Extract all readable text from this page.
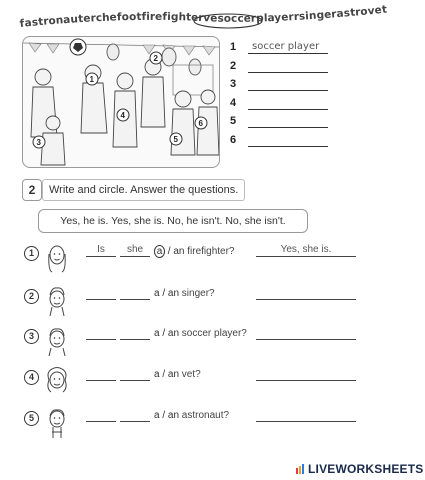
fastronauterchefootfirefightervesoccerplayerrsingerastrovet
1
2
3
4
5
6
1 soccer player
2
3
4
5
6
2	Write and circle. Answer the questions.
Yes, he is. Yes, she is. No, he isn't. No, she isn't.
1	Is	she	a / an firefighter?	Yes, she is.
2	a / an singer?
3	a / an soccer player?
4	a / an vet?
5	a / an astronaut?
LIVEWORKSHEETS
